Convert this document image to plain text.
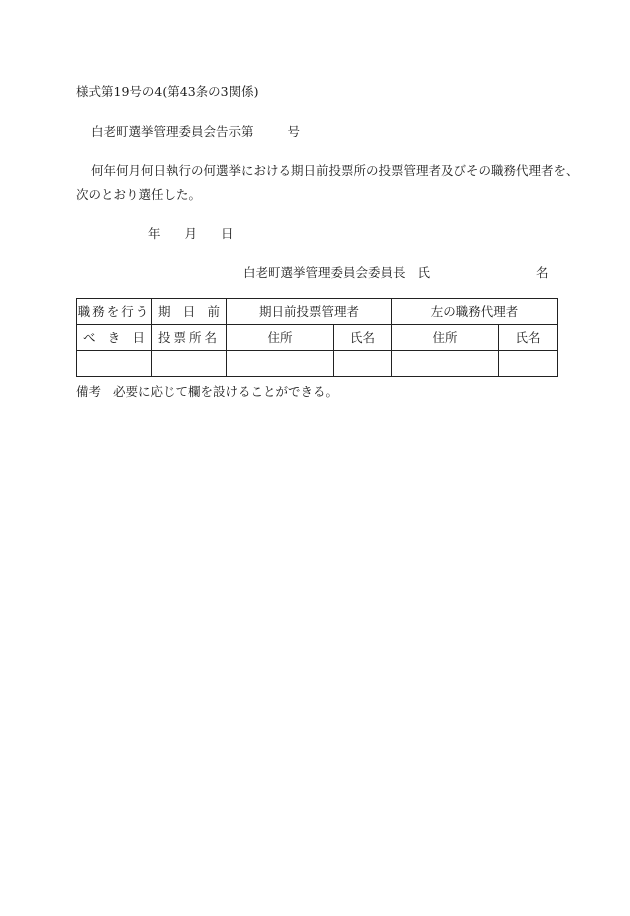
様式第19号の4(第43条の3関係)
白老町選挙管理委員会告示第	号
何年何月何日執行の何選挙における期日前投票所の投票管理者及びその職務代理者を、
次のとおり選任した。
年 月 日
白老町選挙管理委員会委員長 氏	名
職務を行う	期 日 前	期日前投票管理者		左の職務代理者	

べ き 日	投票所名	住所	氏名	住所	氏名

備考 必要に応じて欄を設けることができる。
